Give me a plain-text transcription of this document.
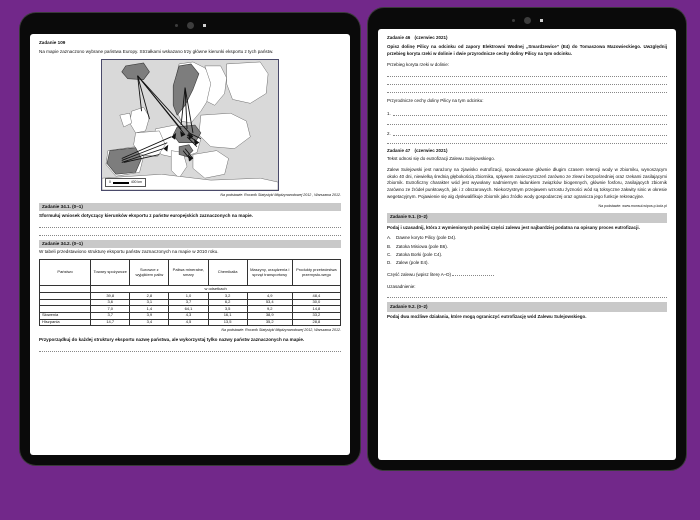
Zadanie 109
Na mapie zaznaczono wybrane państwa Europy. Strzałkami wskazano trzy główne kierunki eksportu z tych państw.
0	400 km
Na podstawie: Rocznik Statystyki Międzynarodowej 2012 , Warszawa 2012.
Zadanie 34.1. (0–1)
Sformułuj wniosek dotyczący kierunków eksportu z państw europejskich zaznaczonych na mapie.
Zadanie 34.2. (0–1)
W tabeli przedstawiono strukturę eksportu państw zaznaczonych na mapie w 2010 roku.
Państwo	Towary spożywcze	Surowce z wyjątkiem paliw	Paliwa mineralne, smary	Chemikalia	Maszyny, urządzenia i sprzęt transportowy	Produkty przetwórstwa przemysło-wego
	w odsetkach					
	39,8	2,8	1,0	3,2	4,9	48,4
	3,6	3,1	3,7	6,2	53,4	30,0
	7,0	1,4	64,1	3,5	9,2	14,8
Słowenia	3,7	3,9	4,3	16,1	38,9	33,2
Hiszpania	14,7	3,4	4,5	13,5	35,2	28,8
Na podstawie: Rocznik Statystyki Międzynarodowej 2012, Warszawa 2012.
Przyporządkuj do każdej struktury eksportu nazwę państwa, ale wykorzystaj tylko nazwy państw zaznaczonych na mapie.
Zadanie 46 (czerwiec 2021)
Opisz dolinę Pilicy na odcinku od zapory Elektrowni Wodnej „Smardzewice” (E4) do Tomaszowa Mazowieckiego. Uwzględnij przebieg koryta rzeki w dolinie i dwie przyrodnicze cechy doliny Pilicy na tym odcinku.
Przebieg koryta rzeki w dolinie:
Przyrodnicze cechy doliny Pilicy na tym odcinku:
1.
2.
Zadanie 47 (czerwiec 2021)
Tekst odnosi się do eutrofizacji Zalewu Sulejowskiego.
Zalew Sulejowski jest narażony na zjawisko eutrofizacji, spowodowane głównie długim czasem retencji wody w zbiorniku, wynoszącym około 40 dni, niewielką średnią głębokością zbiornika, spływem zanieczyszczeń zarówno ze zlewni bezpośredniej oraz rzekami zasilającymi zbiornik. Eutroficzny charakter wód jest wywołany nadmiernym ładunkiem związków biogennych, głównie fosforu, zasilających zbiornik zarówno ze źródeł punktowych, jak i z obszarowych. Niekorzystnym przejawem wzrostu żyzności wód są toksyczne zakwity sinic w okresie wegetacyjnym. Pojawienie się alg dyskwalifikuje zbiornik jako źródło wody gospodarczej oraz ogranicza jego funkcje rekreacyjne.
Na podstawie: www.monsul.wipos.p.lodz.pl
Zadanie 9.1. (0–2)
Podaj i uzasadnij, która z wymienionych poniżej części zalewu jest najbardziej podatna na opisany proces eutrofizacji.
A. Dawne koryto Pilicy (pole D4).
B. Zatoka Misiowa (pole B6).
C. Zatoka Borki (pole C4).
D. Zalew (pole E4).
Część zalewu (wpisz literę A–D)
Uzasadnienie:
Zadanie 9.2. (0–2)
Podaj dwa możliwe działania, które mogą ograniczyć eutrofizację wód Zalewu Sulejowskiego.
